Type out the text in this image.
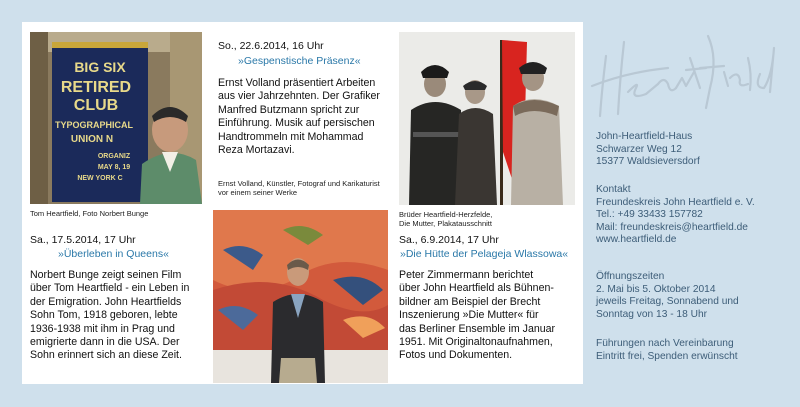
BIG SIX
RETIRED
CLUB
TYPOGRAPHICAL
UNION N
ORGANIZ
MAY 8, 19
NEW YORK C
Tom Heartfield, Foto Norbert Bunge
Sa., 17.5.2014, 17 Uhr
»Überleben in Queens«
Norbert Bunge zeigt seinen Film
über Tom Heartfield - ein Leben in
der Emigration. John Heartfields
Sohn Tom, 1918 geboren, lebte
1936-1938 mit ihm in Prag und
emigrierte dann in die USA. Der
Sohn erinnert sich an diese Zeit.
So., 22.6.2014, 16 Uhr
»Gespenstische Präsenz«
Ernst Volland präsentiert Arbeiten
aus vier Jahrzehnten. Der Grafiker
Manfred Butzmann spricht zur
Einführung. Musik auf persischen
Handtrommeln mit Mohammad
Reza Mortazavi.
Ernst Volland, Künstler, Fotograf und Karikaturist
vor einem seiner Werke
Brüder Heartfield-Herzfelde,
Die Mutter, Plakatausschnitt
Sa., 6.9.2014, 17 Uhr
»Die Hütte der Pelageja Wlassowa«
Peter Zimmermann berichtet
über John Heartfield als Bühnen-
bildner am Beispiel der Brecht
Inszenierung »Die Mutter« für
das Berliner Ensemble im Januar
1951. Mit Originaltonaufnahmen,
Fotos und Dokumenten.
John-Heartfield-Haus
Schwarzer Weg 12
15377 Waldsieversdorf
Kontakt
Freundeskreis John Heartfield e. V.
Tel.: +49 33433 157782
Mail: freundeskreis@heartfield.de
www.heartfield.de
Öffnungszeiten
2. Mai bis 5. Oktober 2014
jeweils Freitag, Sonnabend und
Sonntag von 13 - 18 Uhr
Führungen nach Vereinbarung
Eintritt frei, Spenden erwünscht
